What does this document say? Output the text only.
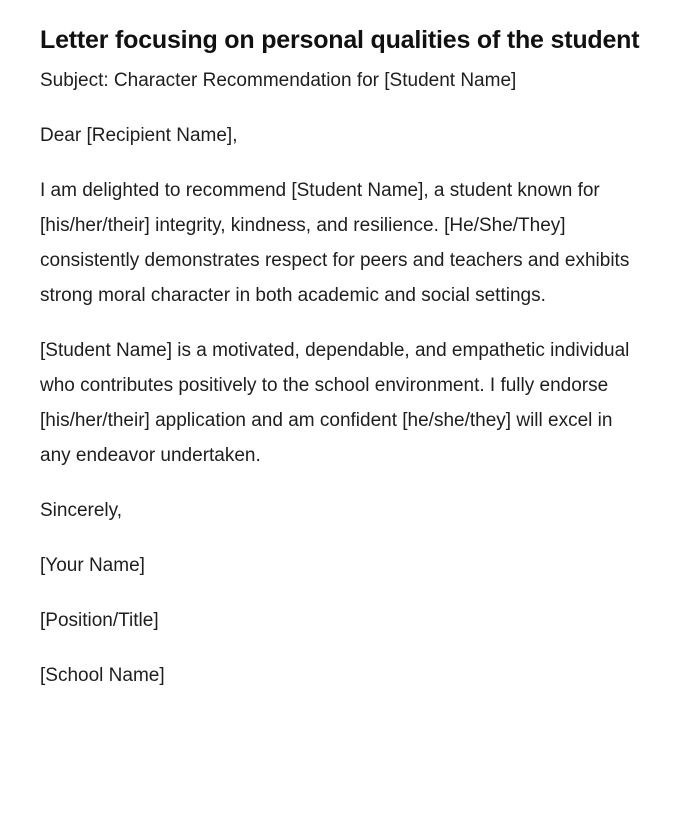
Letter focusing on personal qualities of the student

Subject: Character Recommendation for [Student Name]

Dear [Recipient Name],

I am delighted to recommend [Student Name], a student known for [his/her/their] integrity, kindness, and resilience. [He/She/They] consistently demonstrates respect for peers and teachers and exhibits strong moral character in both academic and social settings.

[Student Name] is a motivated, dependable, and empathetic individual who contributes positively to the school environment. I fully endorse [his/her/their] application and am confident [he/she/they] will excel in any endeavor undertaken.

Sincerely,

[Your Name]

[Position/Title]

[School Name]
